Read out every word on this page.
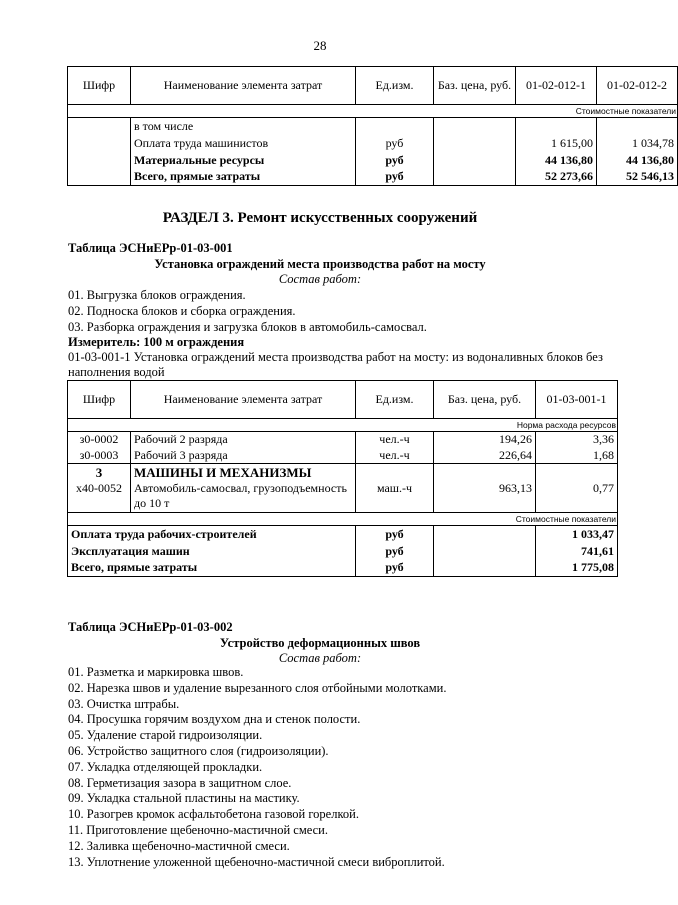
28
Шифр	Наименование элемента затрат	Ед.изм.	Баз. цена, руб.	01-02-012-1	01-02-012-2
Стоимостные показатели					
	в том числе				
	Оплата труда машинистов	руб		1 615,00	1 034,78
	Материальные ресурсы	руб		44 136,80	44 136,80
	Всего, прямые затраты	руб		52 273,66	52 546,13
РАЗДЕЛ 3. Ремонт искусственных сооружений
Таблица ЭСНиЕРр-01-03-001
Установка ограждений места производства работ на мосту
Состав работ:
01. Выгрузка блоков ограждения.
02. Подноска блоков и сборка ограждения.
03. Разборка ограждения и загрузка блоков в автомобиль-самосвал.
Измеритель: 100 м ограждения
01-03-001-1 Установка ограждений места производства работ на мосту: из водоналивных блоков без наполнения водой
Шифр	Наименование элемента затрат	Ед.изм.	Баз. цена, руб.	01-03-001-1
Норма расхода ресурсов				
з0-0002	Рабочий 2 разряда	чел.-ч	194,26	3,36
з0-0003	Рабочий 3 разряда	чел.-ч	226,64	1,68
3	МАШИНЫ И МЕХАНИЗМЫ			
х40-0052	Автомобиль-самосвал, грузоподъемность до 10 т	маш.-ч	963,13	0,77
Стоимостные показатели				
Оплата труда рабочих-строителей		руб		1 033,47
Эксплуатация машин		руб		741,61
Всего, прямые затраты		руб		1 775,08
Таблица ЭСНиЕРр-01-03-002
Устройство деформационных швов
Состав работ:
01. Разметка и маркировка швов.
02. Нарезка швов и удаление вырезанного слоя отбойными молотками.
03. Очистка штрабы.
04. Просушка горячим воздухом дна и стенок полости.
05. Удаление старой гидроизоляции.
06. Устройство защитного слоя (гидроизоляции).
07. Укладка отделяющей прокладки.
08. Герметизация зазора в защитном слое.
09. Укладка стальной пластины на мастику.
10. Разогрев кромок асфальтобетона газовой горелкой.
11. Приготовление щебеночно-мастичной смеси.
12. Заливка щебеночно-мастичной смеси.
13. Уплотнение уложенной щебеночно-мастичной смеси виброплитой.
